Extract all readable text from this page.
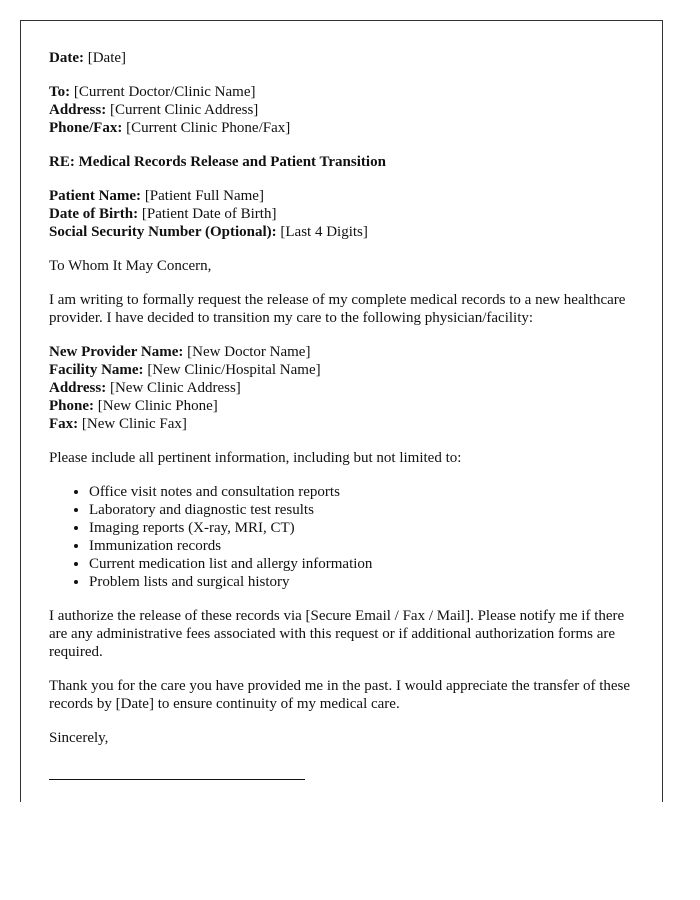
Date: [Date]

To: [Current Doctor/Clinic Name]
Address: [Current Clinic Address]
Phone/Fax: [Current Clinic Phone/Fax]

RE: Medical Records Release and Patient Transition

Patient Name: [Patient Full Name]
Date of Birth: [Patient Date of Birth]
Social Security Number (Optional): [Last 4 Digits]

To Whom It May Concern,

I am writing to formally request the release of my complete medical records to a new healthcare provider. I have decided to transition my care to the following physician/facility:

New Provider Name: [New Doctor Name]
Facility Name: [New Clinic/Hospital Name]
Address: [New Clinic Address]
Phone: [New Clinic Phone]
Fax: [New Clinic Fax]

Please include all pertinent information, including but not limited to:

• Office visit notes and consultation reports
• Laboratory and diagnostic test results
• Imaging reports (X-ray, MRI, CT)
• Immunization records
• Current medication list and allergy information
• Problem lists and surgical history

I authorize the release of these records via [Secure Email / Fax / Mail]. Please notify me if there are any administrative fees associated with this request or if additional authorization forms are required.

Thank you for the care you have provided me in the past. I would appreciate the transfer of these records by [Date] to ensure continuity of my medical care.

Sincerely,
